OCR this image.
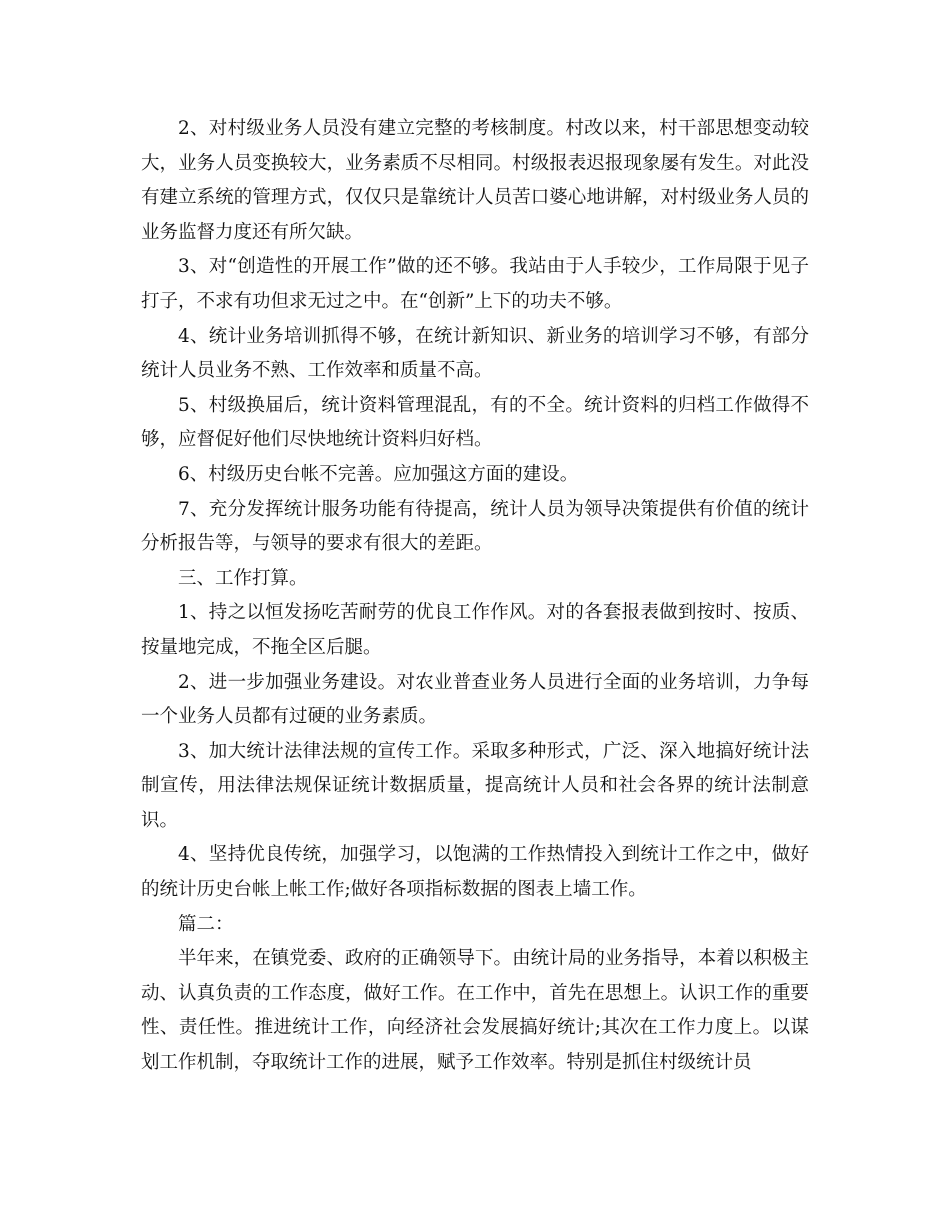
2、对村级业务人员没有建立完整的考核制度。村改以来，村干部思想变动较大，业务人员变换较大，业务素质不尽相同。村级报表迟报现象屡有发生。对此没有建立系统的管理方式，仅仅只是靠统计人员苦口婆心地讲解，对村级业务人员的业务监督力度还有所欠缺。

3、对“创造性的开展工作”做的还不够。我站由于人手较少，工作局限于见子打子，不求有功但求无过之中。在“创新”上下的功夫不够。

4、统计业务培训抓得不够，在统计新知识、新业务的培训学习不够，有部分统计人员业务不熟、工作效率和质量不高。

5、村级换届后，统计资料管理混乱，有的不全。统计资料的归档工作做得不够，应督促好他们尽快地统计资料归好档。

6、村级历史台帐不完善。应加强这方面的建设。

7、充分发挥统计服务功能有待提高，统计人员为领导决策提供有价值的统计分析报告等，与领导的要求有很大的差距。

三、工作打算。

1、持之以恒发扬吃苦耐劳的优良工作作风。对的各套报表做到按时、按质、按量地完成，不拖全区后腿。

2、进一步加强业务建设。对农业普查业务人员进行全面的业务培训，力争每一个业务人员都有过硬的业务素质。

3、加大统计法律法规的宣传工作。采取多种形式，广泛、深入地搞好统计法制宣传，用法律法规保证统计数据质量，提高统计人员和社会各界的统计法制意识。

4、坚持优良传统，加强学习，以饱满的工作热情投入到统计工作之中，做好的统计历史台帐上帐工作;做好各项指标数据的图表上墙工作。

篇二：

半年来，在镇党委、政府的正确领导下。由统计局的业务指导，本着以积极主动、认真负责的工作态度，做好工作。在工作中，首先在思想上。认识工作的重要性、责任性。推进统计工作，向经济社会发展搞好统计;其次在工作力度上。以谋划工作机制，夺取统计工作的进展，赋予工作效率。特别是抓住村级统计员
